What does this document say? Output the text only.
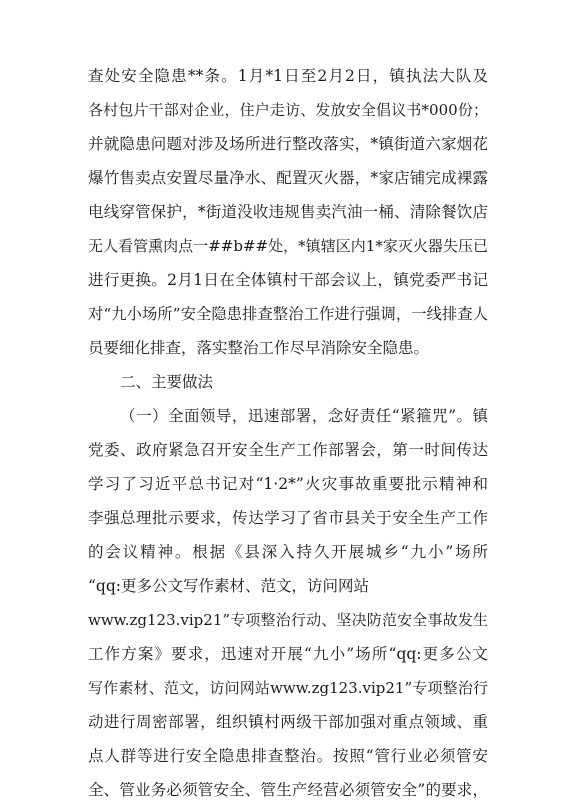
查处安全隐患**条。1月*1日至2月2日，镇执法大队及
各村包片干部对企业，住户走访、发放安全倡议书*000份；
并就隐患问题对涉及场所进行整改落实，*镇街道六家烟花
爆竹售卖点安置尽量净水、配置灭火器，*家店铺完成裸露
电线穿管保护，*街道没收违规售卖汽油一桶、清除餐饮店
无人看管熏肉点一##b##处，*镇辖区内1*家灭火器失压已
进行更换。2月1日在全体镇村干部会议上，镇党委严书记
对“九小场所”安全隐患排查整治工作进行强调，一线排查人
员要细化排查，落实整治工作尽早消除安全隐患。
二、主要做法
（一）全面领导，迅速部署，念好责任“紧箍咒”。镇
党委、政府紧急召开安全生产工作部署会，第一时间传达
学习了习近平总书记对“1·2*”火灾事故重要批示精神和
李强总理批示要求，传达学习了省市县关于安全生产工作
的会议精神。根据《县深入持久开展城乡“九小”场所
“qq:更多公文写作素材、范文，访问网站
www.zg123.vip21”专项整治行动、坚决防范安全事故发生
工作方案》要求，迅速对开展“九小”场所“qq:更多公文
写作素材、范文，访问网站www.zg123.vip21”专项整治行
动进行周密部署，组织镇村两级干部加强对重点领域、重
点人群等进行安全隐患排查整治。按照“管行业必须管安
全、管业务必须管安全、管生产经营必须管安全”的要求，
